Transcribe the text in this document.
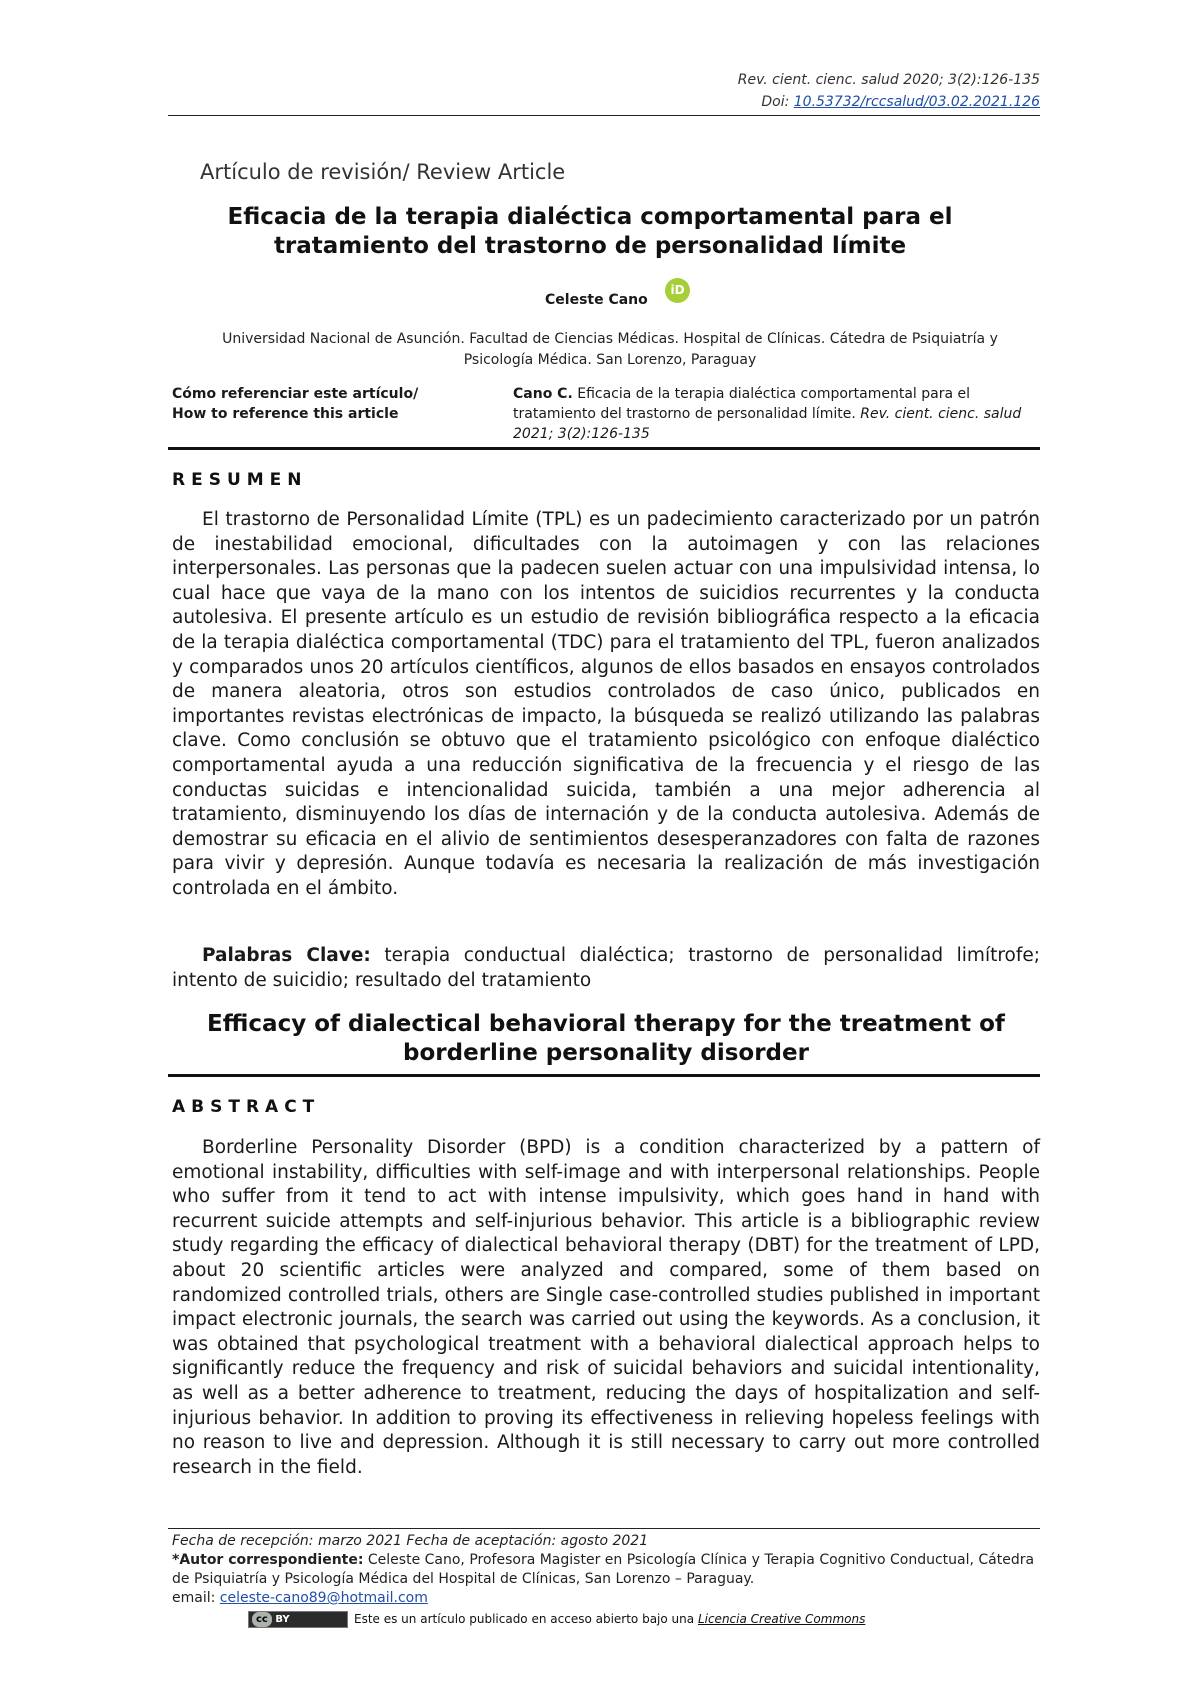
Rev. cient. cienc. salud 2020; 3(2):126-135
Doi: 10.53732/rccsalud/03.02.2021.126
Artículo de revisión/ Review Article
Eficacia de la terapia dialéctica comportamental para el tratamiento del trastorno de personalidad límite
Celeste Cano
iD
Universidad Nacional de Asunción. Facultad de Ciencias Médicas. Hospital de Clínicas. Cátedra de Psiquiatría y Psicología Médica. San Lorenzo, Paraguay
Cómo referenciar este artículo/
How to reference this article
Cano C. Eficacia de la terapia dialéctica comportamental para el tratamiento del trastorno de personalidad límite. Rev. cient. cienc. salud 2021; 3(2):126-135
RESUMEN
El trastorno de Personalidad Límite (TPL) es un padecimiento caracterizado por un patrón de inestabilidad emocional, dificultades con la autoimagen y con las relaciones interpersonales. Las personas que la padecen suelen actuar con una impulsividad intensa, lo cual hace que vaya de la mano con los intentos de suicidios recurrentes y la conducta autolesiva. El presente artículo es un estudio de revisión bibliográfica respecto a la eficacia de la terapia dialéctica comportamental (TDC) para el tratamiento del TPL, fueron analizados y comparados unos 20 artículos científicos, algunos de ellos basados en ensayos controlados de manera aleatoria, otros son estudios controlados de caso único, publicados en importantes revistas electrónicas de impacto, la búsqueda se realizó utilizando las palabras clave. Como conclusión se obtuvo que el tratamiento psicológico con enfoque dialéctico comportamental ayuda a una reducción significativa de la frecuencia y el riesgo de las conductas suicidas e intencionalidad suicida, también a una mejor adherencia al tratamiento, disminuyendo los días de internación y de la conducta autolesiva. Además de demostrar su eficacia en el alivio de sentimientos desesperanzadores con falta de razones para vivir y depresión. Aunque todavía es necesaria la realización de más investigación controlada en el ámbito.
Palabras Clave: terapia conductual dialéctica; trastorno de personalidad limítrofe; intento de suicidio; resultado del tratamiento
Efficacy of dialectical behavioral therapy for the treatment of borderline personality disorder
ABSTRACT
Borderline Personality Disorder (BPD) is a condition characterized by a pattern of emotional instability, difficulties with self-image and with interpersonal relationships. People who suffer from it tend to act with intense impulsivity, which goes hand in hand with recurrent suicide attempts and self-injurious behavior. This article is a bibliographic review study regarding the efficacy of dialectical behavioral therapy (DBT) for the treatment of LPD, about 20 scientific articles were analyzed and compared, some of them based on randomized controlled trials, others are Single case-controlled studies published in important impact electronic journals, the search was carried out using the keywords. As a conclusion, it was obtained that psychological treatment with a behavioral dialectical approach helps to significantly reduce the frequency and risk of suicidal behaviors and suicidal intentionality, as well as a better adherence to treatment, reducing the days of hospitalization and self-injurious behavior. In addition to proving its effectiveness in relieving hopeless feelings with no reason to live and depression. Although it is still necessary to carry out more controlled research in the field.
Fecha de recepción: marzo 2021 Fecha de aceptación: agosto 2021
*Autor correspondiente: Celeste Cano, Profesora Magister en Psicología Clínica y Terapia Cognitivo Conductual, Cátedra de Psiquiatría y Psicología Médica del Hospital de Clínicas, San Lorenzo – Paraguay.
email: celeste-cano89@hotmail.com
cc BY	Este es un artículo publicado en acceso abierto bajo una Licencia Creative Commons
